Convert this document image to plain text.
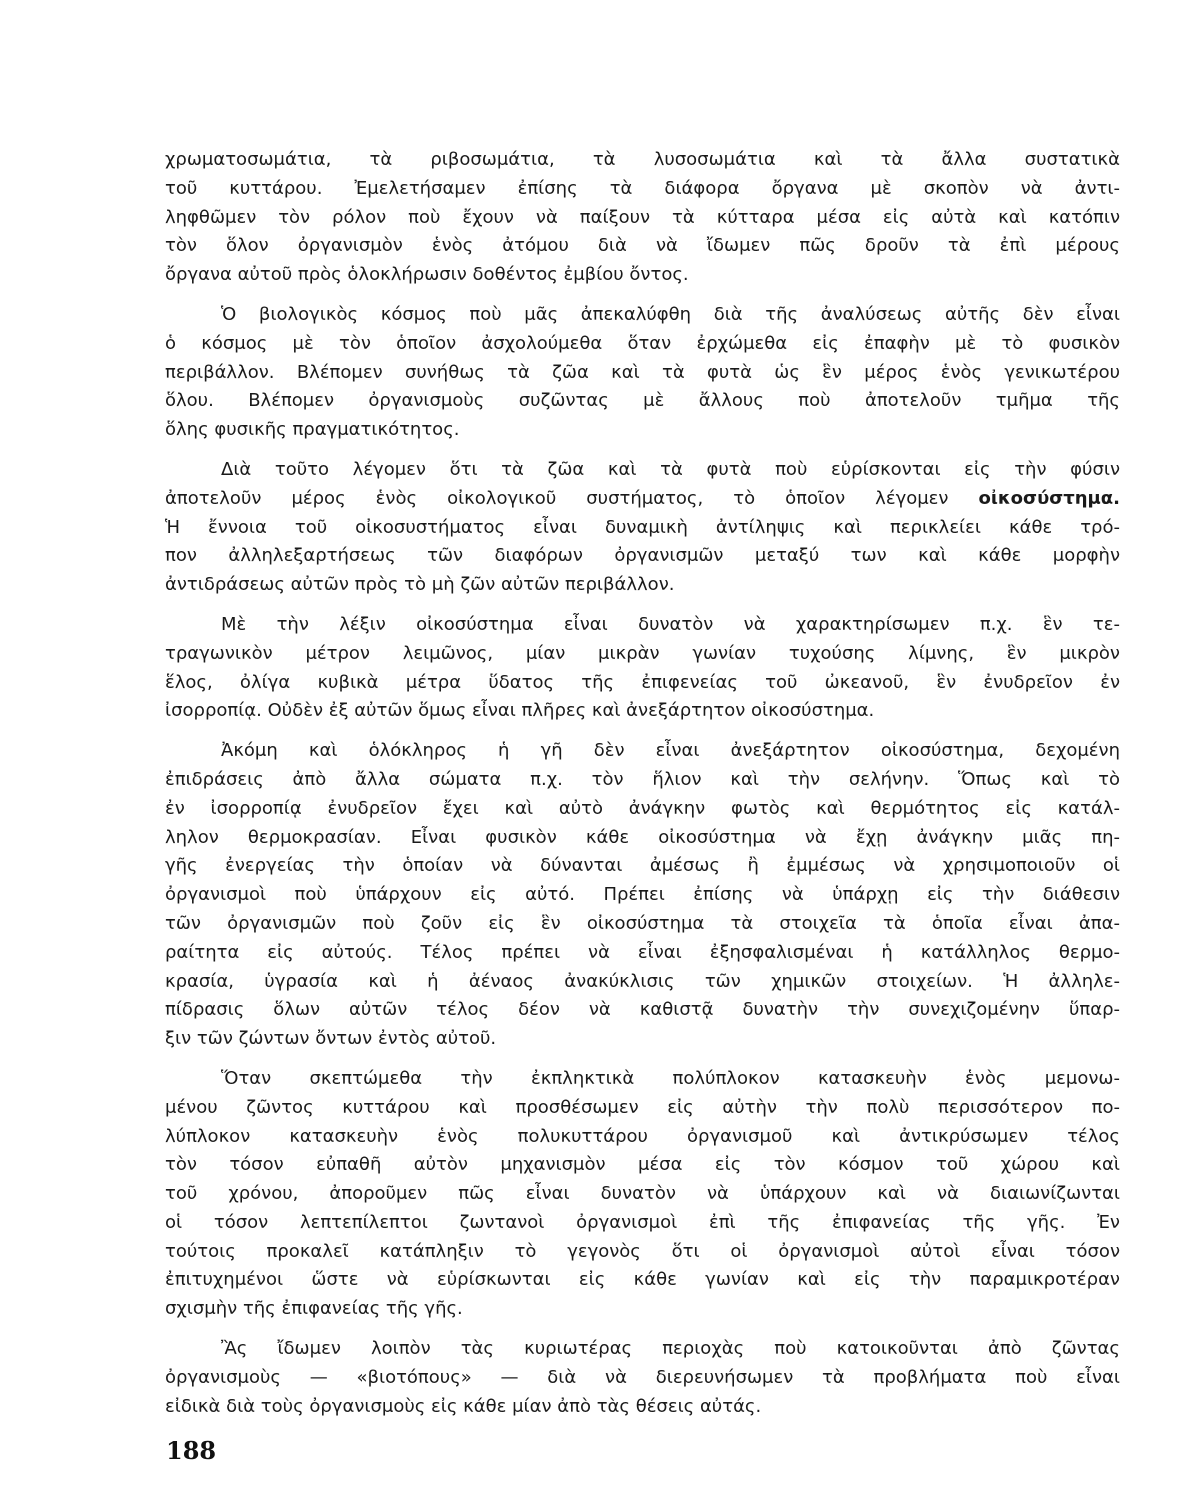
χρωματοσωμάτια, τὰ ριβοσωμάτια, τὰ λυσοσωμάτια καὶ τὰ ἄλλα συστατικὰ
τοῦ κυττάρου. Ἐμελετήσαμεν ἐπίσης τὰ διάφορα ὄργανα μὲ σκοπὸν νὰ ἀντι-
ληφθῶμεν τὸν ρόλον ποὺ ἔχουν νὰ παίξουν τὰ κύτταρα μέσα εἰς αὐτὰ καὶ κατόπιν
τὸν ὅλον ὀργανισμὸν ἑνὸς ἀτόμου διὰ νὰ ἴδωμεν πῶς δροῦν τὰ ἐπὶ μέρους
ὄργανα αὐτοῦ πρὸς ὁλοκλήρωσιν δοθέντος ἐμβίου ὄντος.
Ὁ βιολογικὸς κόσμος ποὺ μᾶς ἀπεκαλύφθη διὰ τῆς ἀναλύσεως αὐτῆς δὲν εἶναι
ὁ κόσμος μὲ τὸν ὁποῖον ἀσχολούμεθα ὅταν ἐρχώμεθα εἰς ἐπαφὴν μὲ τὸ φυσικὸν
περιβάλλον. Βλέπομεν συνήθως τὰ ζῶα καὶ τὰ φυτὰ ὡς ἓν μέρος ἑνὸς γενικωτέρου
ὅλου. Βλέπομεν ὀργανισμοὺς συζῶντας μὲ ἄλλους ποὺ ἀποτελοῦν τμῆμα τῆς
ὅλης φυσικῆς πραγματικότητος.
Διὰ τοῦτο λέγομεν ὅτι τὰ ζῶα καὶ τὰ φυτὰ ποὺ εὑρίσκονται εἰς τὴν φύσιν
ἀποτελοῦν μέρος ἑνὸς οἰκολογικοῦ συστήματος, τὸ ὁποῖον λέγομεν οἰκοσύστημα.
Ἡ ἔννοια τοῦ οἰκοσυστήματος εἶναι δυναμικὴ ἀντίληψις καὶ περικλείει κάθε τρό-
πον ἀλληλεξαρτήσεως τῶν διαφόρων ὀργανισμῶν μεταξύ των καὶ κάθε μορφὴν
ἀντιδράσεως αὐτῶν πρὸς τὸ μὴ ζῶν αὐτῶν περιβάλλον.
Μὲ τὴν λέξιν οἰκοσύστημα εἶναι δυνατὸν νὰ χαρακτηρίσωμεν π.χ. ἓν τε-
τραγωνικὸν μέτρον λειμῶνος, μίαν μικρὰν γωνίαν τυχούσης λίμνης, ἓν μικρὸν
ἕλος, ὀλίγα κυβικὰ μέτρα ὕδατος τῆς ἐπιφενείας τοῦ ὠκεανοῦ, ἓν ἐνυδρεῖον ἐν
ἰσορροπίᾳ. Οὐδὲν ἐξ αὐτῶν ὅμως εἶναι πλῆρες καὶ ἀνεξάρτητον οἰκοσύστημα.
Ἀκόμη καὶ ὁλόκληρος ἡ γῆ δὲν εἶναι ἀνεξάρτητον οἰκοσύστημα, δεχομένη
ἐπιδράσεις ἀπὸ ἄλλα σώματα π.χ. τὸν ἥλιον καὶ τὴν σελήνην. Ὅπως καὶ τὸ
ἐν ἰσορροπίᾳ ἐνυδρεῖον ἔχει καὶ αὐτὸ ἀνάγκην φωτὸς καὶ θερμότητος εἰς κατάλ-
ληλον θερμοκρασίαν. Εἶναι φυσικὸν κάθε οἰκοσύστημα νὰ ἔχῃ ἀνάγκην μιᾶς πη-
γῆς ἐνεργείας τὴν ὁποίαν νὰ δύνανται ἀμέσως ἢ ἐμμέσως νὰ χρησιμοποιοῦν οἱ
ὀργανισμοὶ ποὺ ὑπάρχουν εἰς αὐτό. Πρέπει ἐπίσης νὰ ὑπάρχῃ εἰς τὴν διάθεσιν
τῶν ὀργανισμῶν ποὺ ζοῦν εἰς ἓν οἰκοσύστημα τὰ στοιχεῖα τὰ ὁποῖα εἶναι ἀπα-
ραίτητα εἰς αὐτούς. Τέλος πρέπει νὰ εἶναι ἐξησφαλισμέναι ἡ κατάλληλος θερμο-
κρασία, ὑγρασία καὶ ἡ ἀέναος ἀνακύκλισις τῶν χημικῶν στοιχείων. Ἡ ἀλληλε-
πίδρασις ὅλων αὐτῶν τέλος δέον νὰ καθιστᾷ δυνατὴν τὴν συνεχιζομένην ὕπαρ-
ξιν τῶν ζώντων ὄντων ἐντὸς αὐτοῦ.
Ὅταν σκεπτώμεθα τὴν ἐκπληκτικὰ πολύπλοκον κατασκευὴν ἑνὸς μεμονω-
μένου ζῶντος κυττάρου καὶ προσθέσωμεν εἰς αὐτὴν τὴν πολὺ περισσότερον πο-
λύπλοκον κατασκευὴν ἑνὸς πολυκυττάρου ὀργανισμοῦ καὶ ἀντικρύσωμεν τέλος
τὸν τόσον εὐπαθῆ αὐτὸν μηχανισμὸν μέσα εἰς τὸν κόσμον τοῦ χώρου καὶ
τοῦ χρόνου, ἀποροῦμεν πῶς εἶναι δυνατὸν νὰ ὑπάρχουν καὶ νὰ διαιωνίζωνται
οἱ τόσον λεπτεπίλεπτοι ζωντανοὶ ὀργανισμοὶ ἐπὶ τῆς ἐπιφανείας τῆς γῆς. Ἐν
τούτοις προκαλεῖ κατάπληξιν τὸ γεγονὸς ὅτι οἱ ὀργανισμοὶ αὐτοὶ εἶναι τόσον
ἐπιτυχημένοι ὥστε νὰ εὑρίσκωνται εἰς κάθε γωνίαν καὶ εἰς τὴν παραμικροτέραν
σχισμὴν τῆς ἐπιφανείας τῆς γῆς.
Ἂς ἴδωμεν λοιπὸν τὰς κυριωτέρας περιοχὰς ποὺ κατοικοῦνται ἀπὸ ζῶντας
ὀργανισμοὺς — «βιοτόπους» — διὰ νὰ διερευνήσωμεν τὰ προβλήματα ποὺ εἶναι
εἰδικὰ διὰ τοὺς ὀργανισμοὺς εἰς κάθε μίαν ἀπὸ τὰς θέσεις αὐτάς.
188
